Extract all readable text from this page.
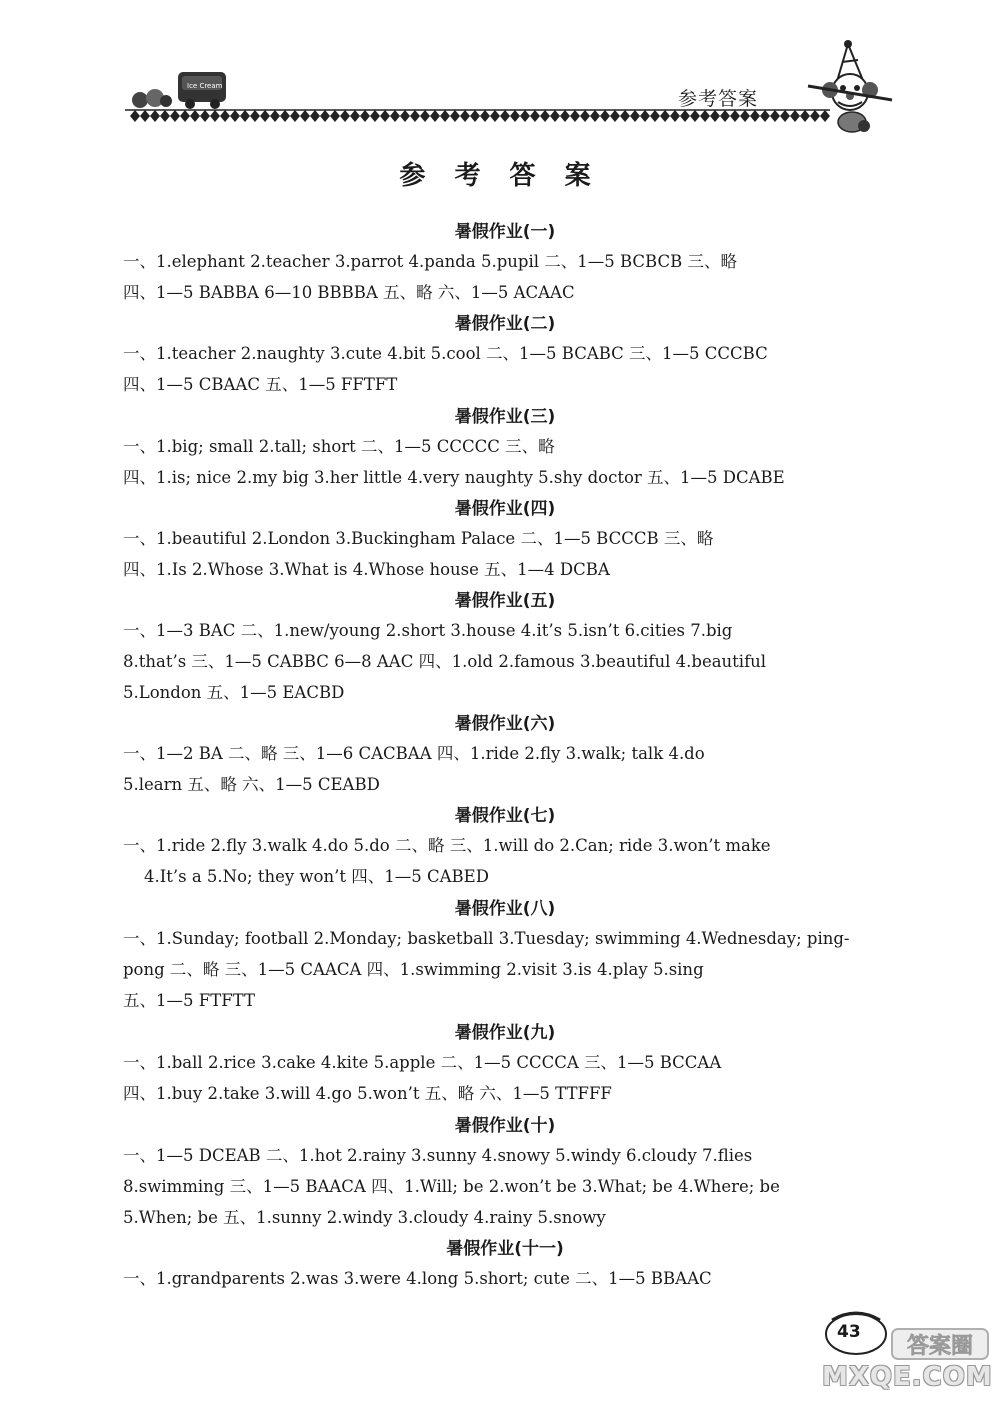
Ice Cream
参考答案
参 考 答 案
暑假作业(一)
一、1.elephant 2.teacher 3.parrot 4.panda 5.pupil 二、1—5 BCBCB 三、略
四、1—5 BABBA 6—10 BBBBA 五、略 六、1—5 ACAAC
暑假作业(二)
一、1.teacher 2.naughty 3.cute 4.bit 5.cool 二、1—5 BCABC 三、1—5 CCCBC
四、1—5 CBAAC 五、1—5 FFTFT
暑假作业(三)
一、1.big; small 2.tall; short 二、1—5 CCCCC 三、略
四、1.is; nice 2.my big 3.her little 4.very naughty 5.shy doctor 五、1—5 DCABE
暑假作业(四)
一、1.beautiful 2.London 3.Buckingham Palace 二、1—5 BCCCB 三、略
四、1.Is 2.Whose 3.What is 4.Whose house 五、1—4 DCBA
暑假作业(五)
一、1—3 BAC 二、1.new/young 2.short 3.house 4.it’s 5.isn’t 6.cities 7.big
8.that’s 三、1—5 CABBC 6—8 AAC 四、1.old 2.famous 3.beautiful 4.beautiful
5.London 五、1—5 EACBD
暑假作业(六)
一、1—2 BA 二、略 三、1—6 CACBAA 四、1.ride 2.fly 3.walk; talk 4.do
5.learn 五、略 六、1—5 CEABD
暑假作业(七)
一、1.ride 2.fly 3.walk 4.do 5.do 二、略 三、1.will do 2.Can; ride 3.won’t make
4.It’s a 5.No; they won’t 四、1—5 CABED
暑假作业(八)
一、1.Sunday; football 2.Monday; basketball 3.Tuesday; swimming 4.Wednesday; ping-
pong 二、略 三、1—5 CAACA 四、1.swimming 2.visit 3.is 4.play 5.sing
五、1—5 FTFTT
暑假作业(九)
一、1.ball 2.rice 3.cake 4.kite 5.apple 二、1—5 CCCCA 三、1—5 BCCAA
四、1.buy 2.take 3.will 4.go 5.won’t 五、略 六、1—5 TTFFF
暑假作业(十)
一、1—5 DCEAB 二、1.hot 2.rainy 3.sunny 4.snowy 5.windy 6.cloudy 7.flies
8.swimming 三、1—5 BAACA 四、1.Will; be 2.won’t be 3.What; be 4.Where; be
5.When; be 五、1.sunny 2.windy 3.cloudy 4.rainy 5.snowy
暑假作业(十一)
一、1.grandparents 2.was 3.were 4.long 5.short; cute 二、1—5 BBAAC
43
答案圈
MXQE.COM
